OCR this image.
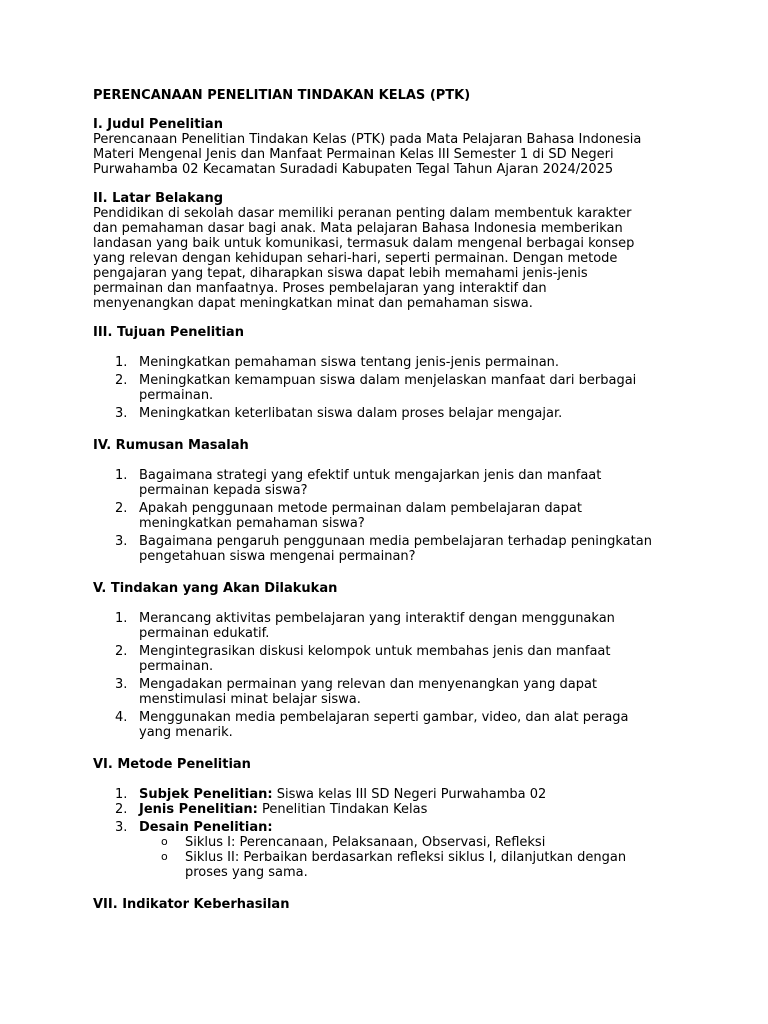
PERENCANAAN PENELITIAN TINDAKAN KELAS (PTK)

I. Judul Penelitian

Perencanaan Penelitian Tindakan Kelas (PTK) pada Mata Pelajaran Bahasa Indonesia
Materi Mengenal Jenis dan Manfaat Permainan Kelas III Semester 1 di SD Negeri
Purwahamba 02 Kecamatan Suradadi Kabupaten Tegal Tahun Ajaran 2024/2025

II. Latar Belakang

Pendidikan di sekolah dasar memiliki peranan penting dalam membentuk karakter
dan pemahaman dasar bagi anak. Mata pelajaran Bahasa Indonesia memberikan
landasan yang baik untuk komunikasi, termasuk dalam mengenal berbagai konsep
yang relevan dengan kehidupan sehari-hari, seperti permainan. Dengan metode
pengajaran yang tepat, diharapkan siswa dapat lebih memahami jenis-jenis
permainan dan manfaatnya. Proses pembelajaran yang interaktif dan
menyenangkan dapat meningkatkan minat dan pemahaman siswa.

III. Tujuan Penelitian
1. Meningkatkan pemahaman siswa tentang jenis-jenis permainan.
2. Meningkatkan kemampuan siswa dalam menjelaskan manfaat dari berbagai
permainan.
3. Meningkatkan keterlibatan siswa dalam proses belajar mengajar.
IV. Rumusan Masalah
1. Bagaimana strategi yang efektif untuk mengajarkan jenis dan manfaat
permainan kepada siswa?
2. Apakah penggunaan metode permainan dalam pembelajaran dapat
meningkatkan pemahaman siswa?
3. Bagaimana pengaruh penggunaan media pembelajaran terhadap peningkatan
pengetahuan siswa mengenai permainan?
V. Tindakan yang Akan Dilakukan
1. Merancang aktivitas pembelajaran yang interaktif dengan menggunakan
permainan edukatif.
2. Mengintegrasikan diskusi kelompok untuk membahas jenis dan manfaat
permainan.
3. Mengadakan permainan yang relevan dan menyenangkan yang dapat
menstimulasi minat belajar siswa.
4. Menggunakan media pembelajaran seperti gambar, video, dan alat peraga
yang menarik.
VI. Metode Penelitian
1. Subjek Penelitian: Siswa kelas III SD Negeri Purwahamba 02
2. Jenis Penelitian: Penelitian Tindakan Kelas
3. Desain Penelitian:
o Siklus I: Perencanaan, Pelaksanaan, Observasi, Refleksi
o Siklus II: Perbaikan berdasarkan refleksi siklus I, dilanjutkan dengan
proses yang sama.
VII. Indikator Keberhasilan
